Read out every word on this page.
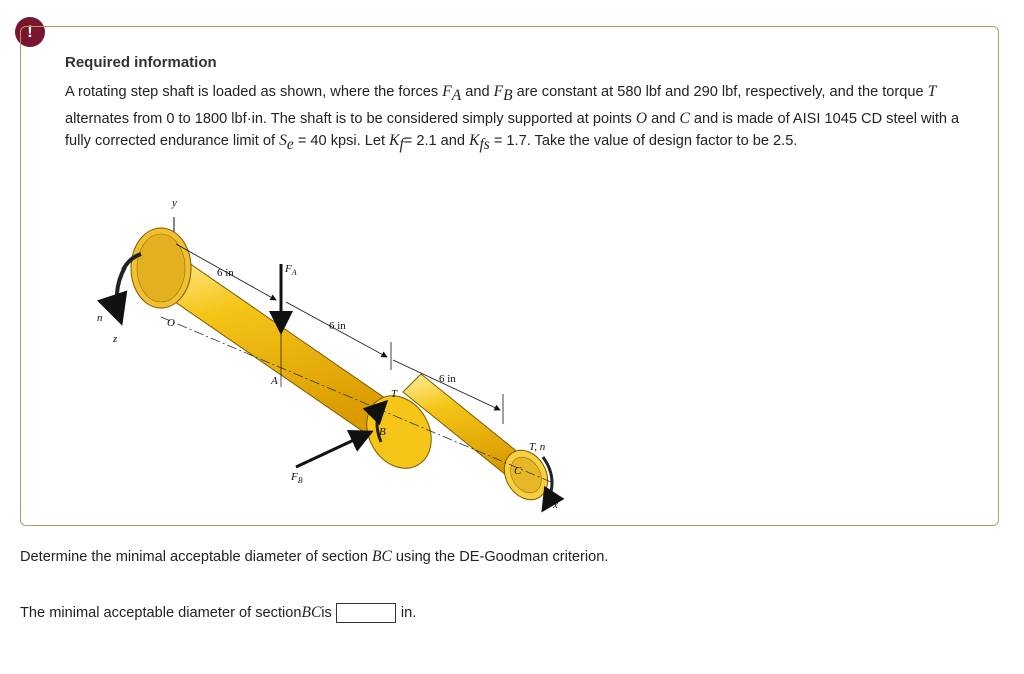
!
Required information
A rotating step shaft is loaded as shown, where the forces $F_A$ and $F_B$ are constant at 580 lbf and 290 lbf, respectively, and the torque T alternates from 0 to 1800 lbf·in. The shaft is to be considered simply supported at points O and C and is made of AISI 1045 CD steel with a fully corrected endurance limit of $S_e = 40$ kpsi. Let $K_f= 2.1$ and $K_{fs} = 1.7$. Take the value of design factor to be 2.5.
y
n
z
O
6 in	$F_A$
A
6 in
6 in
T
B
$F_B$
T, n
C
x
Determine the minimal acceptable diameter of section BC using the DE-Goodman criterion.
The minimal acceptable diameter of section BC is	in.
